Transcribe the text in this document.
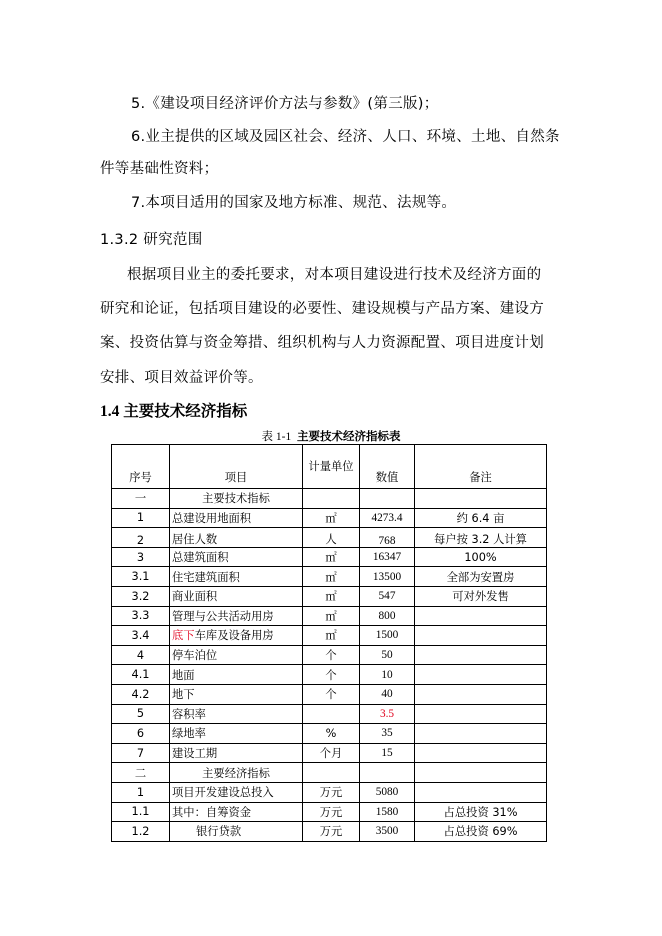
5.《建设项目经济评价方法与参数》(第三版)；
6.业主提供的区域及园区社会、经济、人口、环境、土地、自然条
件等基础性资料；
7.本项目适用的国家及地方标准、规范、法规等。
1.3.2 研究范围
根据项目业主的委托要求，对本项目建设进行技术及经济方面的
研究和论证，包括项目建设的必要性、建设规模与产品方案、建设方
案、投资估算与资金筹措、组织机构与人力资源配置、项目进度计划
安排、项目效益评价等。
1.4 主要技术经济指标
表 1-1 主要技术经济指标表
序号	项目	计量单位	数值	备注
一	主要技术指标			
1	总建设用地面积	㎡	4273.4	约 6.4 亩
2	居住人数	人	768	每户按 3.2 人计算
3	总建筑面积	㎡	16347	100%
3.1	住宅建筑面积	㎡	13500	全部为安置房
3.2	商业面积	㎡	547	可对外发售
3.3	管理与公共活动用房	㎡	800	
3.4	底下车库及设备用房	㎡	1500	
4	停车泊位	个	50	
4.1	地面	个	10	
4.2	地下	个	40	
5	容积率		3.5	
6	绿地率	%	35	
7	建设工期	个月	15	
二	主要经济指标			
1	项目开发建设总投入	万元	5080	
1.1	其中：自筹资金	万元	1580	占总投资 31%
1.2	银行贷款	万元	3500	占总投资 69%
